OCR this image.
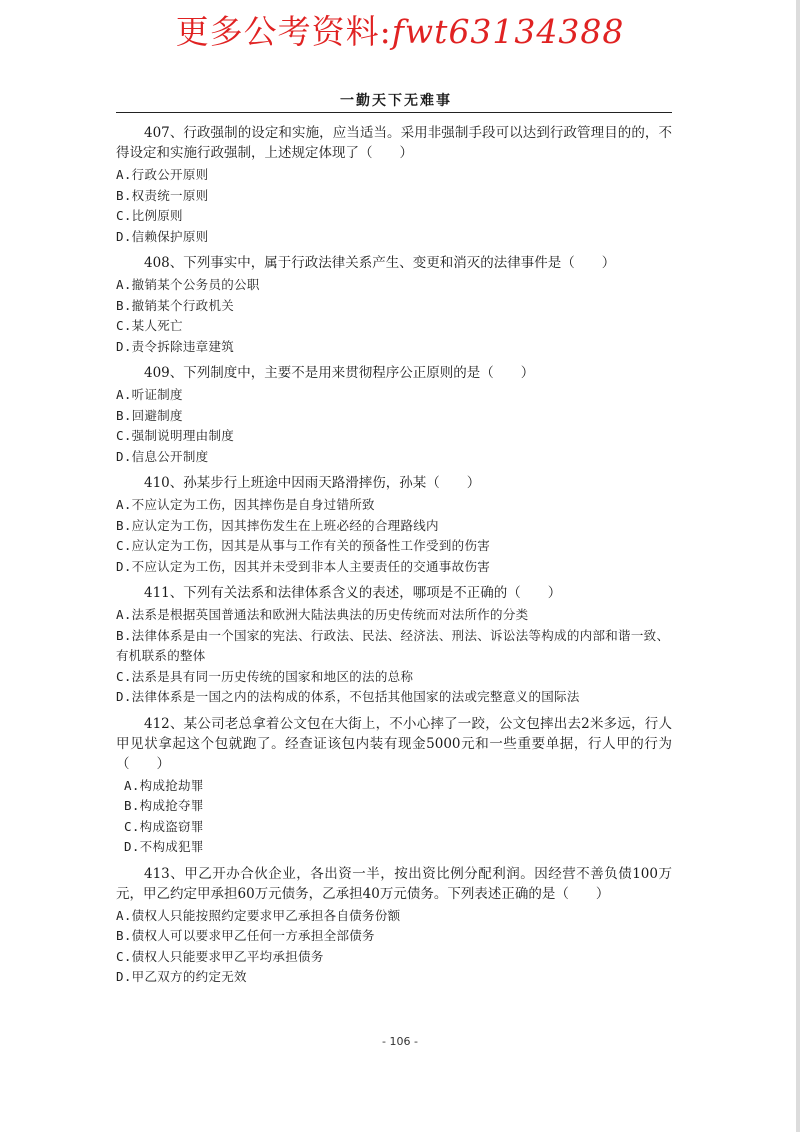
更多公考资料:fwt63134388
一勤天下无难事

407、行政强制的设定和实施，应当适当。采用非强制手段可以达到行政管理目的的，不得设定和实施行政强制，上述规定体现了（　　）

A.行政公开原则
B.权责统一原则
C.比例原则
D.信赖保护原则

408、下列事实中，属于行政法律关系产生、变更和消灭的法律事件是（　　）

A.撤销某个公务员的公职
B.撤销某个行政机关
C.某人死亡
D.责令拆除违章建筑

409、下列制度中，主要不是用来贯彻程序公正原则的是（　　）

A.听证制度
B.回避制度
C.强制说明理由制度
D.信息公开制度

410、孙某步行上班途中因雨天路滑摔伤，孙某（　　）

A.不应认定为工伤，因其摔伤是自身过错所致
B.应认定为工伤，因其摔伤发生在上班必经的合理路线内
C.应认定为工伤，因其是从事与工作有关的预备性工作受到的伤害
D.不应认定为工伤，因其并未受到非本人主要责任的交通事故伤害

411、下列有关法系和法律体系含义的表述，哪项是不正确的（　　）

A.法系是根据英国普通法和欧洲大陆法典法的历史传统而对法所作的分类
B.法律体系是由一个国家的宪法、行政法、民法、经济法、刑法、诉讼法等构成的内部和谐一致、有机联系的整体
C.法系是具有同一历史传统的国家和地区的法的总称
D.法律体系是一国之内的法构成的体系，不包括其他国家的法或完整意义的国际法

412、某公司老总拿着公文包在大街上，不小心摔了一跤，公文包摔出去2米多远，行人甲见状拿起这个包就跑了。经查证该包内装有现金5000元和一些重要单据，行人甲的行为（　　）

A.构成抢劫罪
B.构成抢夺罪
C.构成盗窃罪
D.不构成犯罪

413、甲乙开办合伙企业，各出资一半，按出资比例分配利润。因经营不善负债100万元，甲乙约定甲承担60万元债务，乙承担40万元债务。下列表述正确的是（　　）

A.债权人只能按照约定要求甲乙承担各自债务份额
B.债权人可以要求甲乙任何一方承担全部债务
C.债权人只能要求甲乙平均承担债务
D.甲乙双方的约定无效
- 106 -
